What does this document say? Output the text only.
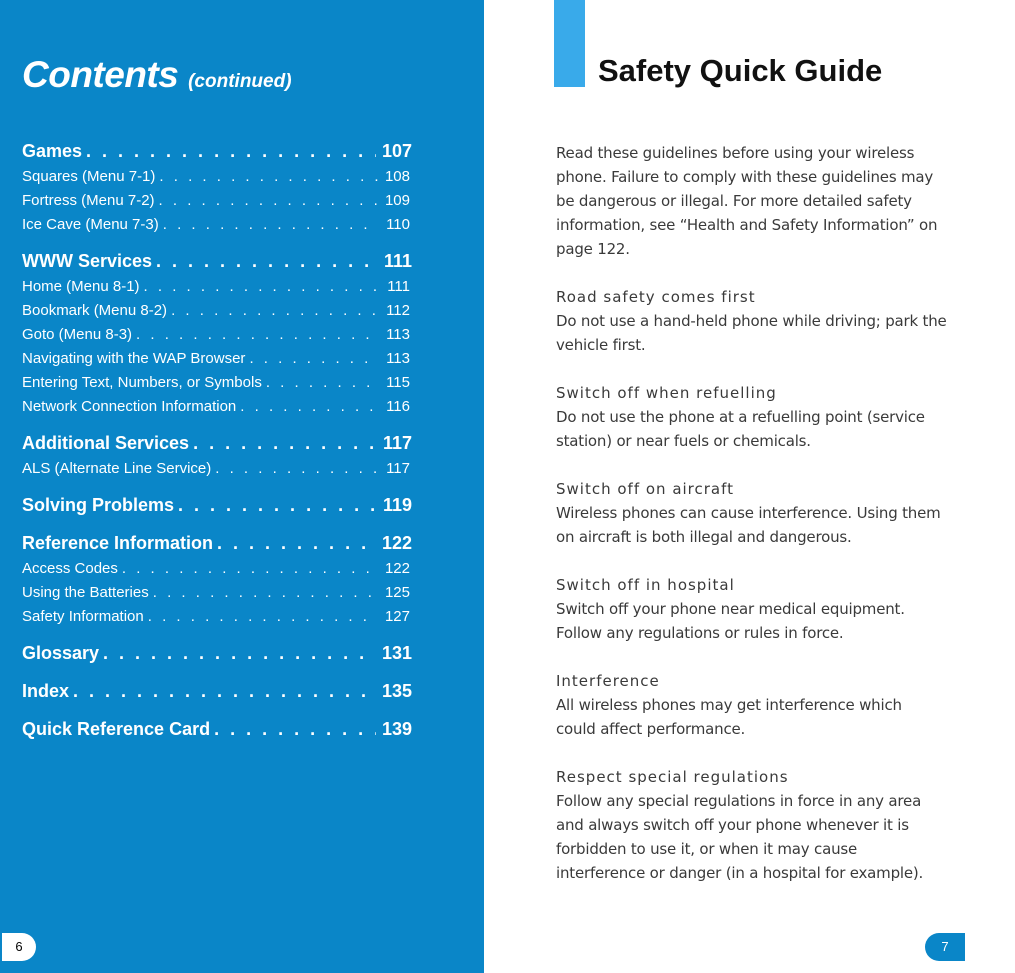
Contents (continued)
Games . . .	107
Squares (Menu 7-1) . . .	108
Fortress (Menu 7-2) . . .	109
Ice Cave (Menu 7-3) . . .	110
WWW Services . . .	111
Home (Menu 8-1) . . .	111
Bookmark (Menu 8-2) . . .	112
Goto (Menu 8-3) . . .	113
Navigating with the WAP Browser . . .	113
Entering Text, Numbers, or Symbols . . .	115
Network Connection Information . . .	116
Additional Services . . .	117
ALS (Alternate Line Service) . . .	117
Solving Problems . . .	119
Reference Information . . .	122
Access Codes . . .	122
Using the Batteries . . .	125
Safety Information . . .	127
Glossary . . .	131
Index . . .	135
Quick Reference Card . . .	139
6
Safety Quick Guide

Read these guidelines before using your wireless
phone. Failure to comply with these guidelines may
be dangerous or illegal. For more detailed safety
information, see “Health and Safety Information” on
page 122.

Road safety comes first
Do not use a hand-held phone while driving; park the
vehicle first.

Switch off when refuelling
Do not use the phone at a refuelling point (service
station) or near fuels or chemicals.

Switch off on aircraft
Wireless phones can cause interference. Using them
on aircraft is both illegal and dangerous.

Switch off in hospital
Switch off your phone near medical equipment.
Follow any regulations or rules in force.

Interference
All wireless phones may get interference which
could affect performance.

Respect special regulations
Follow any special regulations in force in any area
and always switch off your phone whenever it is
forbidden to use it, or when it may cause
interference or danger (in a hospital for example).

7
